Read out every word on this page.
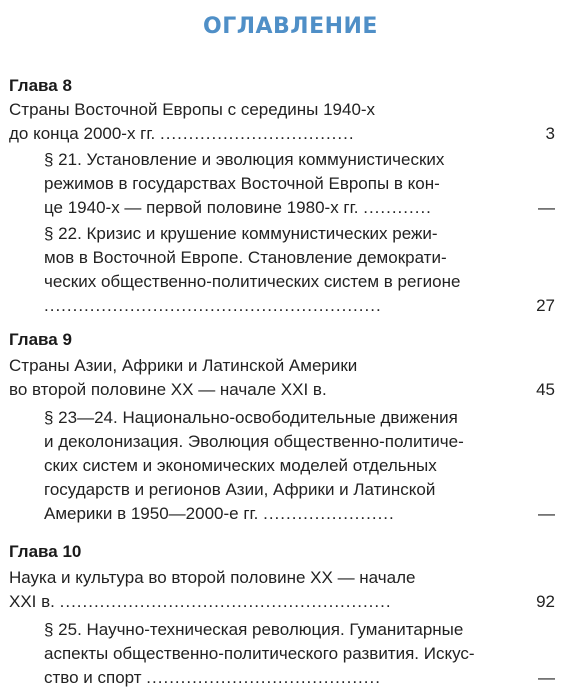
ОГЛАВЛЕНИЕ
Глава 8
Страны Восточной Европы с середины 1940-х
до конца 2000-х гг. ..................................	3
§ 21. Установление и эволюция коммунистических
режимов в государствах Восточной Европы в кон-
це 1940-х — первой половине 1980-х гг. ............	—
§ 22. Кризис и крушение коммунистических режи-
мов в Восточной Европе. Становление демократи-
ческих общественно-политических систем в регионе
...........................................................	27
Глава 9
Страны Азии, Африки и Латинской Америки
во второй половине XX — начале XXI в.	45
§ 23—24. Национально-освободительные движения
и деколонизация. Эволюция общественно-политиче-
ских систем и экономических моделей отдельных
государств и регионов Азии, Африки и Латинской
Америки в 1950—2000-е гг. .......................	—
Глава 10
Наука и культура во второй половине XX — начале
XXI в. ..........................................................	92
§ 25. Научно-техническая революция. Гуманитарные
аспекты общественно-политического развития. Искус-
ство и спорт .........................................	—
